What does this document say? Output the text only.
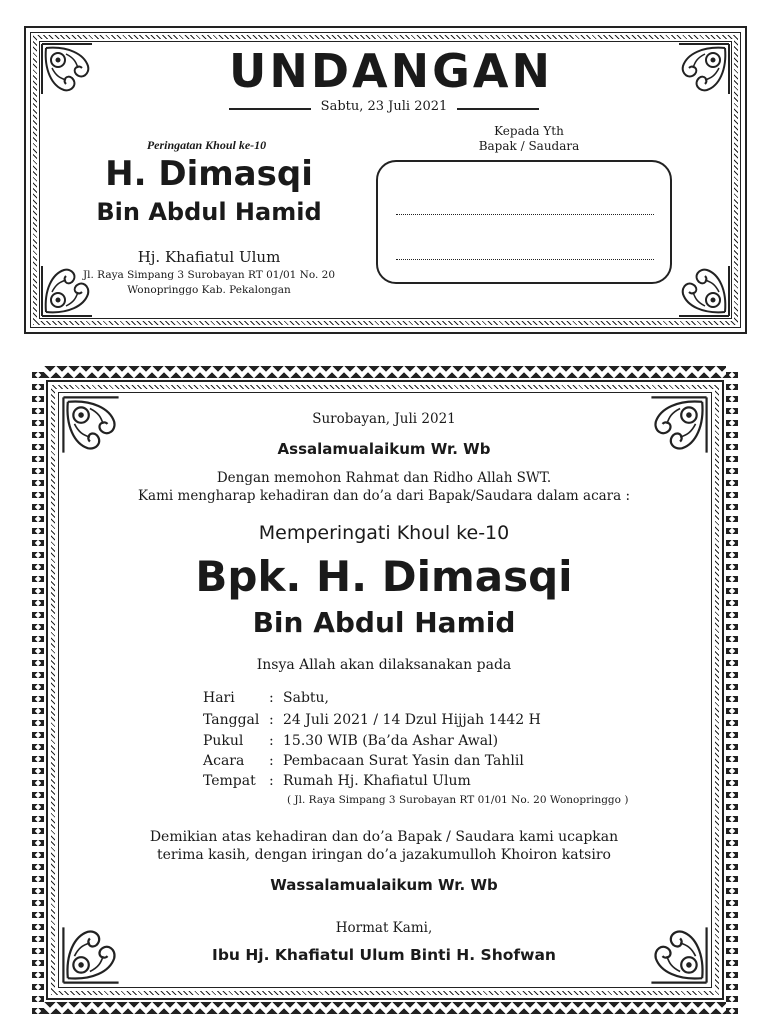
UNDANGAN
Sabtu, 23 Juli 2021
Peringatan Khoul ke-10
H. Dimasqi
Bin Abdul Hamid
Hj. Khafiatul Ulum
Jl. Raya Simpang 3 Surobayan RT 01/01 No. 20
Wonopringgo Kab. Pekalongan
Kepada Yth
Bapak / Saudara
Surobayan, Juli 2021
Assalamualaikum Wr. Wb
Dengan memohon Rahmat dan Ridho Allah SWT.
Kami mengharap kehadiran dan do’a dari Bapak/Saudara dalam acara :
Memperingati Khoul ke-10
Bpk. H. Dimasqi
Bin Abdul Hamid
Insya Allah akan dilaksanakan pada
Hari : Sabtu,
Tanggal : 24 Juli 2021 / 14 Dzul Hijjah 1442 H
Pukul : 15.30 WIB (Ba’da Ashar Awal)
Acara : Pembacaan Surat Yasin dan Tahlil
Tempat : Rumah Hj. Khafiatul Ulum
( Jl. Raya Simpang 3 Surobayan RT 01/01 No. 20 Wonopringgo )
Demikian atas kehadiran dan do’a Bapak / Saudara kami ucapkan
terima kasih, dengan iringan do’a jazakumulloh Khoiron katsiro
Wassalamualaikum Wr. Wb
Hormat Kami,
Ibu Hj. Khafiatul Ulum Binti H. Shofwan
